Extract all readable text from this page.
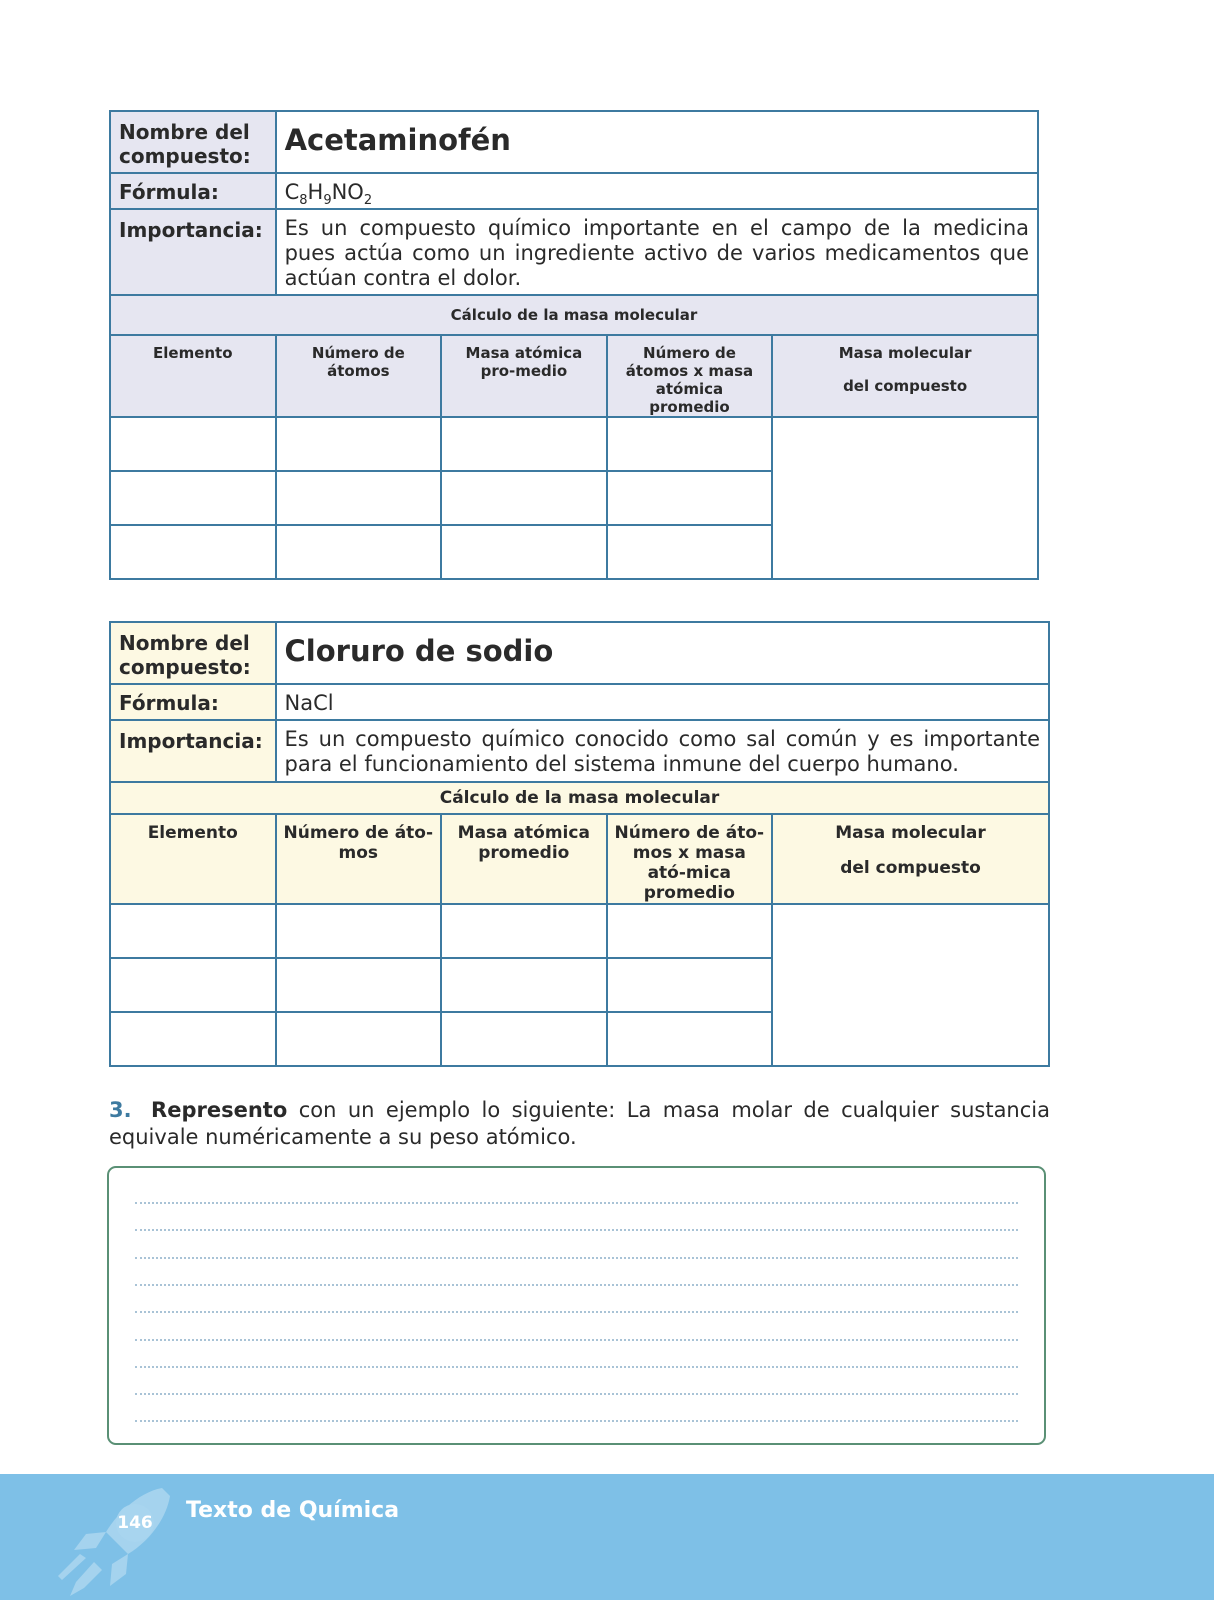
Nombre del compuesto:	Acetaminofén			
Fórmula:	$C_8H_9NO_2$
Importancia:	Es un compuesto químico importante en el campo de la medicina pues actúa como un ingrediente activo de varios medicamentos que actúan contra el dolor.			
Cálculo de la masa molecular				
Elemento	Número de átomos	Masa atómica pro-medio	Número de átomos x masa atómica promedio	Masa molecular
del compuesto

Nombre del compuesto:	Cloruro de sodio			
Fórmula:	NaCl			
Importancia:	Es un compuesto químico conocido como sal común y es importante para el funcionamiento del sistema inmune del cuerpo humano.			
Cálculo de la masa molecular				
Elemento	Número de áto-mos	Masa atómica promedio	Número de áto-mos x masa ató-mica promedio	Masa molecular
del compuesto

3. Represento con un ejemplo lo siguiente: La masa molar de cualquier sustancia equivale numéricamente a su peso atómico.
146 Texto de Química
